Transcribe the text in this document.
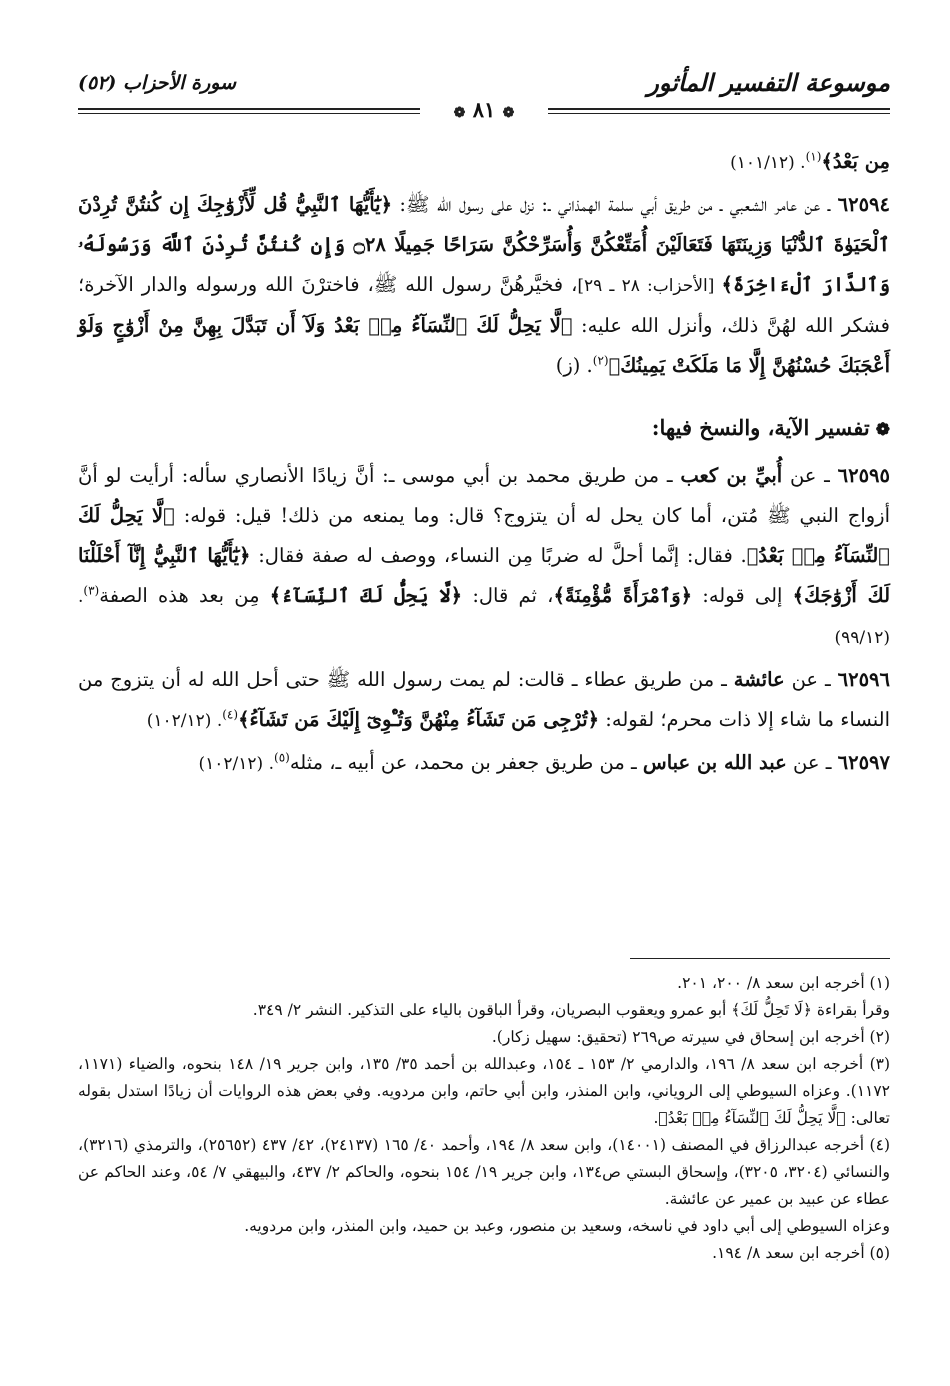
موسوعة التفسير المأثور
سورة الأحزاب (٥٢)
❁ ٨١ ❁

مِن بَعْدُ﴾$^{(١)}$. (١٠١/١٢)

٦٢٥٩٤ ـ عن عامر الشعبي ـ من طريق أبي سلمة الهمذاني ـ: نزل على رسول الله ﷺ: ﴿يَٰٓأَيُّهَا ٱلنَّبِيُّ قُل لِّأَزْوَٰجِكَ إِن كُنتُنَّ تُرِدْنَ ٱلْحَيَوٰةَ ٱلدُّنْيَا وَزِينَتَهَا فَتَعَالَيْنَ أُمَتِّعْكُنَّ وَأُسَرِّحْكُنَّ سَرَاحًا جَمِيلًا ۝٢٨ وَإِن كُنتُنَّ تُرِدْنَ ٱللَّهَ وَرَسُولَهُۥ وَٱلدَّارَ ٱلْءَاخِرَةَ﴾ [الأحزاب: ٢٨ ـ ٢٩]، فخيَّرهُنَّ رسول الله ﷺ، فاخترْنَ الله ورسوله والدار الآخرة؛ فشكر الله لهُنَّ ذلك، وأنزل الله عليه: ﴿لَّا يَحِلُّ لَكَ ٱلنِّسَآءُ مِنۢ بَعْدُ وَلَآ أَن تَبَدَّلَ بِهِنَّ مِنْ أَزْوَٰجٍ وَلَوْ أَعْجَبَكَ حُسْنُهُنَّ إِلَّا مَا مَلَكَتْ يَمِينُكَ﴾$^{(٢)}$. (ز)

❁تفسير الآية، والنسخ فيها:

٦٢٥٩٥ ـ عن أُبيِّ بن كعب ـ من طريق محمد بن أبي موسى ـ: أنَّ زيادًا الأنصاري سأله: أرأيت لو أنَّ أزواج النبي ﷺ مُتن، أما كان يحل له أن يتزوج؟ قال: وما يمنعه من ذلك! قيل: قوله: ﴿لَّا يَحِلُّ لَكَ ٱلنِّسَآءُ مِنۢ بَعْدُ﴾. فقال: إنَّما أحلَّ له ضربًا مِن النساء، ووصف له صفة فقال: ﴿يَٰٓأَيُّهَا ٱلنَّبِيُّ إِنَّآ أَحْلَلْنَا لَكَ أَزْوَٰجَكَ﴾ إلى قوله: ﴿وَٱمْرَأَةً مُّؤْمِنَةً﴾، ثم قال: ﴿لَّا يَحِلُّ لَكَ ٱلنِّسَآءُ﴾ مِن بعد هذه الصفة$^{(٣)}$. (٩٩/١٢)

٦٢٥٩٦ ـ عن عائشة ـ من طريق عطاء ـ قالت: لم يمت رسول الله ﷺ حتى أحل الله له أن يتزوج من النساء ما شاء إلا ذات محرم؛ لقوله: ﴿تُرْجِى مَن تَشَآءُ مِنْهُنَّ وَتُـْٔوِىٓ إِلَيْكَ مَن تَشَآءُ﴾$^{(٤)}$. (١٠٢/١٢)

٦٢٥٩٧ ـ عن عبد الله بن عباس ـ من طريق جعفر بن محمد، عن أبيه ـ، مثله$^{(٥)}$. (١٠٢/١٢)

(١) أخرجه ابن سعد ٨/ ٢٠٠، ٢٠١.

وقرأ بقراءة ﴿لَا تَحِلُّ لَكَ﴾ أبو عمرو ويعقوب البصريان، وقرأ الباقون بالياء على التذكير. النشر ٢/ ٣٤٩.

(٢) أخرجه ابن إسحاق في سيرته ص٢٦٩ (تحقيق: سهيل زكار).

(٣) أخرجه ابن سعد ٨/ ١٩٦، والدارمي ٢/ ١٥٣ ـ ١٥٤، وعبدالله بن أحمد ٣٥/ ١٣٥، وابن جرير ١٩/ ١٤٨ بنحوه، والضياء (١١٧١، ١١٧٢). وعزاه السيوطي إلى الروياني، وابن المنذر، وابن أبي حاتم، وابن مردويه. وفي بعض هذه الروايات أن زيادًا استدل بقوله تعالى: ﴿لَّا يَحِلُّ لَكَ ٱلنِّسَآءُ مِنۢ بَعْدُ﴾.

(٤) أخرجه عبدالرزاق في المصنف (١٤٠٠١)، وابن سعد ٨/ ١٩٤، وأحمد ٤٠/ ١٦٥ (٢٤١٣٧)، ٤٢/ ٤٣٧ (٢٥٦٥٢)، والترمذي (٣٢١٦)، والنسائي (٣٢٠٤، ٣٢٠٥)، وإسحاق البستي ص١٣٤، وابن جرير ١٩/ ١٥٤ بنحوه، والحاكم ٢/ ٤٣٧، والبيهقي ٧/ ٥٤، وعند الحاكم عن عطاء عن عبيد بن عمير عن عائشة.

وعزاه السيوطي إلى أبي داود في ناسخه، وسعيد بن منصور، وعبد بن حميد، وابن المنذر، وابن مردويه.

(٥) أخرجه ابن سعد ٨/ ١٩٤.
